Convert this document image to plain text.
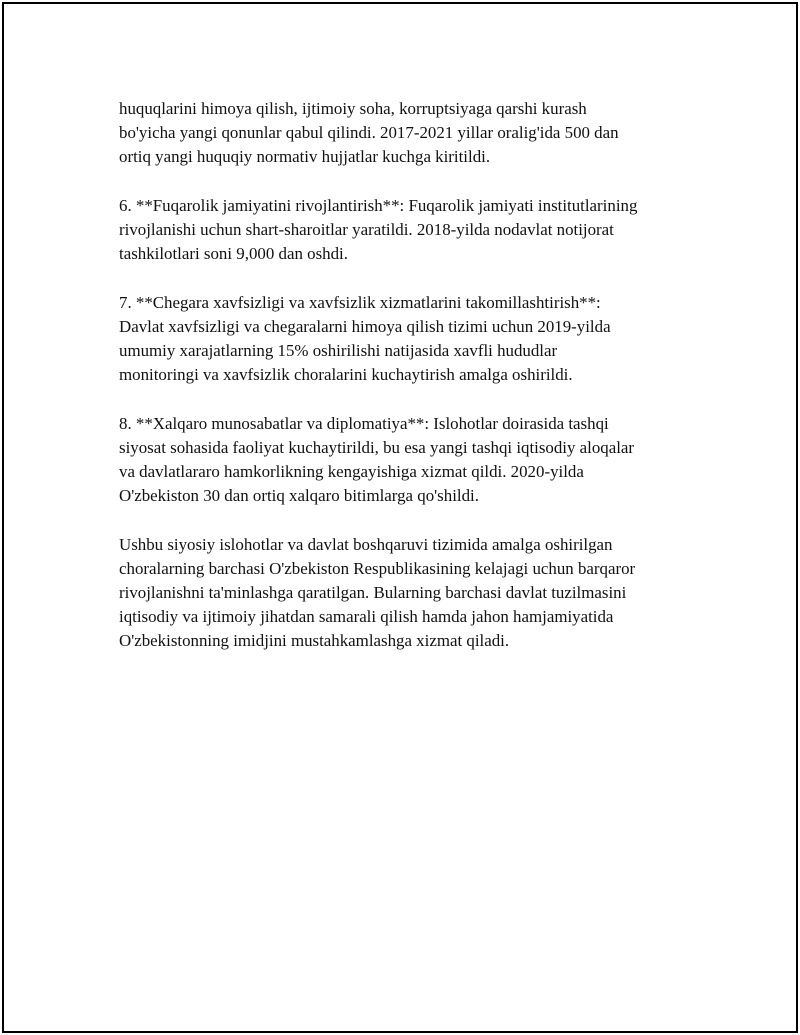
huquqlarini himoya qilish, ijtimoiy soha, korruptsiyaga qarshi kurash
bo'yicha yangi qonunlar qabul qilindi. 2017-2021 yillar oralig'ida 500 dan
ortiq yangi huquqiy normativ hujjatlar kuchga kiritildi.

6. **Fuqarolik jamiyatini rivojlantirish**: Fuqarolik jamiyati institutlarining
rivojlanishi uchun shart-sharoitlar yaratildi. 2018-yilda nodavlat notijorat
tashkilotlari soni 9,000 dan oshdi.

7. **Chegara xavfsizligi va xavfsizlik xizmatlarini takomillashtirish**:
Davlat xavfsizligi va chegaralarni himoya qilish tizimi uchun 2019-yilda
umumiy xarajatlarning 15% oshirilishi natijasida xavfli hududlar
monitoringi va xavfsizlik choralarini kuchaytirish amalga oshirildi.

8. **Xalqaro munosabatlar va diplomatiya**: Islohotlar doirasida tashqi
siyosat sohasida faoliyat kuchaytirildi, bu esa yangi tashqi iqtisodiy aloqalar
va davlatlararo hamkorlikning kengayishiga xizmat qildi. 2020-yilda
O'zbekiston 30 dan ortiq xalqaro bitimlarga qo'shildi.

Ushbu siyosiy islohotlar va davlat boshqaruvi tizimida amalga oshirilgan
choralarning barchasi O'zbekiston Respublikasining kelajagi uchun barqaror
rivojlanishni ta'minlashga qaratilgan. Bularning barchasi davlat tuzilmasini
iqtisodiy va ijtimoiy jihatdan samarali qilish hamda jahon hamjamiyatida
O'zbekistonning imidjini mustahkamlashga xizmat qiladi.
